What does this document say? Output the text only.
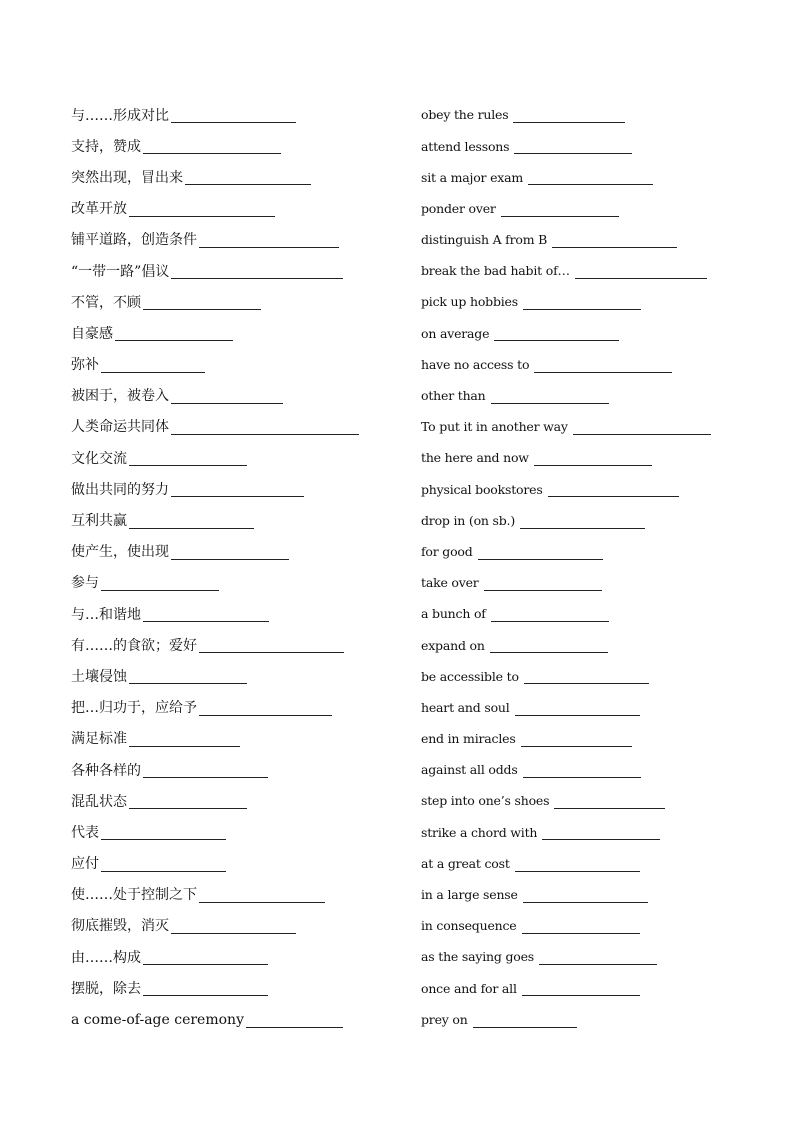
与……形成对比
支持，赞成
突然出现，冒出来
改革开放
铺平道路，创造条件
“一带一路”倡议
不管，不顾
自豪感
弥补
被困于，被卷入
人类命运共同体
文化交流
做出共同的努力
互利共赢
使产生，使出现
参与
与…和谐地
有……的食欲；爱好
土壤侵蚀
把…归功于，应给予
满足标准
各种各样的
混乱状态
代表
应付
使……处于控制之下
彻底摧毁，消灭
由……构成
摆脱，除去
a come-of-age ceremony
obey the rules
attend lessons
sit a major exam
ponder over
distinguish A from B
break the bad habit of…
pick up hobbies
on average
have no access to
other than
To put it in another way
the here and now
physical bookstores
drop in (on sb.)
for good
take over
a bunch of
expand on
be accessible to
heart and soul
end in miracles
against all odds
step into one’s shoes
strike a chord with
at a great cost
in a large sense
in consequence
as the saying goes
once and for all
prey on
